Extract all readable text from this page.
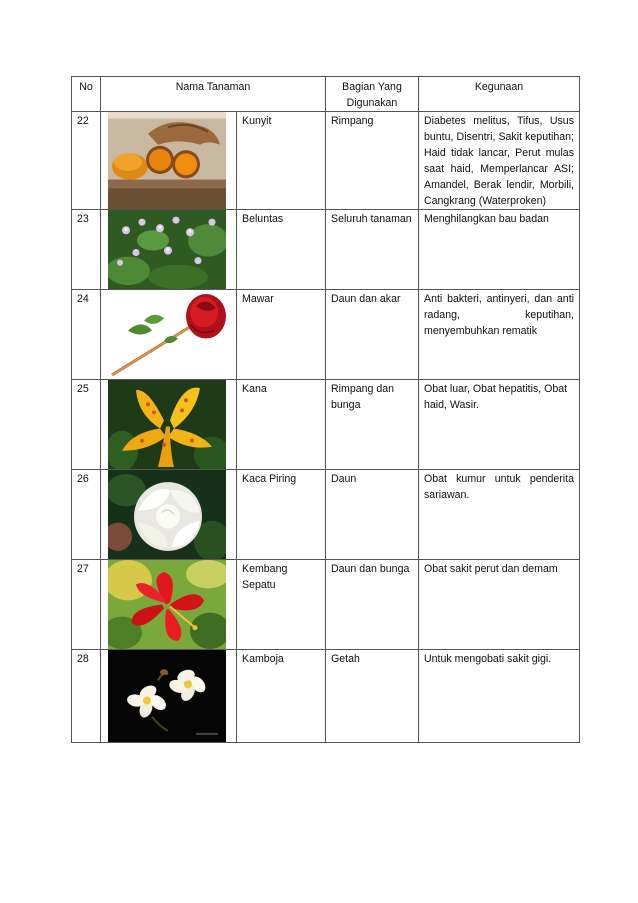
No	Nama Tanaman		Bagian Yang
Digunakan	Kegunaan
22		Kunyit	Rimpang	Diabetes melitus, Tifus, Usus buntu, Disentri, Sakit keputihan; Haid tidak lancar, Perut mulas saat haid, Memperlancar ASI; Amandel, Berak lendir, Morbili, Cangkrang (Waterproken)
23		Beluntas	Seluruh tanaman	Menghilangkan bau badan
24		Mawar	Daun dan akar	Anti bakteri, antinyeri, dan anti radang, keputihan, menyembuhkan rematik
25		Kana	Rimpang dan bunga	Obat luar, Obat hepatitis, Obat haid, Wasir.
26		Kaca Piring	Daun	Obat kumur untuk penderita sariawan.
27		Kembang Sepatu	Daun dan bunga	Obat sakit perut dan demam
28		Kamboja	Getah	Untuk mengobati sakit gigi.
